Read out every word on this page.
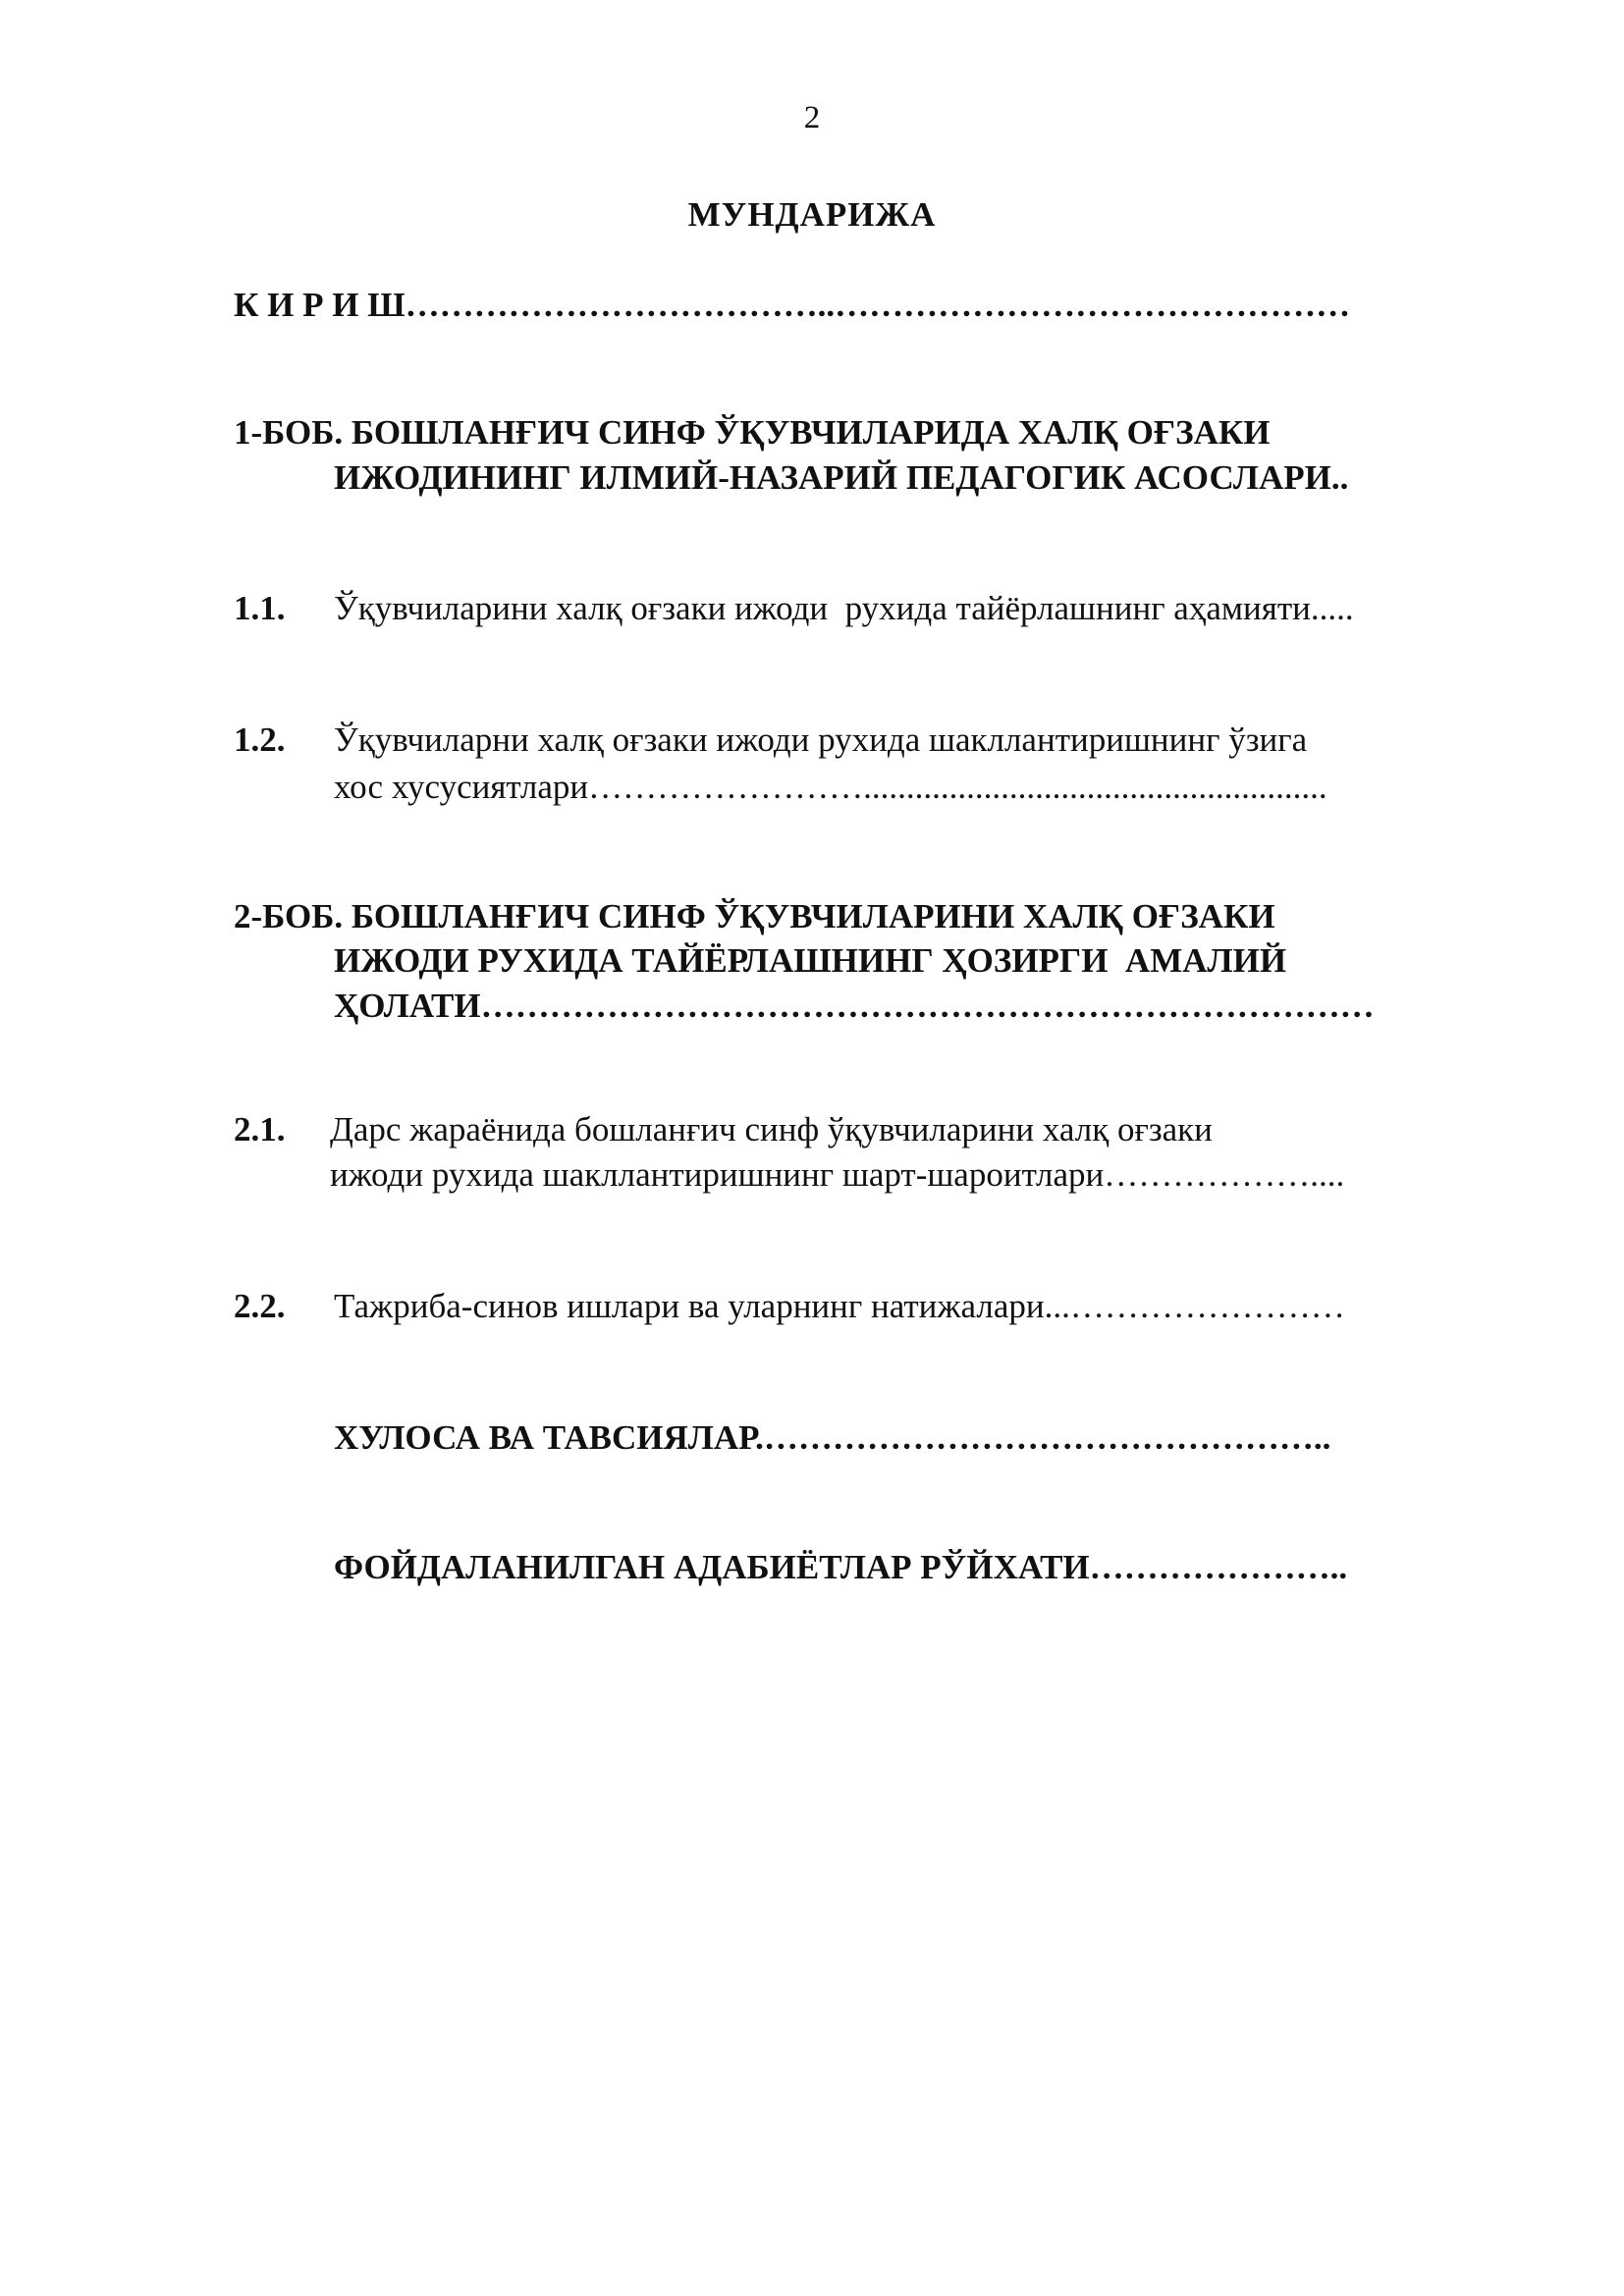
2
МУНДАРИЖА
К И Р И Ш………………………………..………………………………………
1-БОБ. БОШЛАНҒИЧ СИНФ ЎҚУВЧИЛАРИДА ХАЛҚ ОҒЗАКИ
ИЖОДИНИНГ ИЛМИЙ-НАЗАРИЙ ПЕДАГОГИК АСОСЛАРИ..
1.1. Ўқувчиларини халқ оғзаки ижоди  рухида тайёрлашнинг аҳамияти.....
1.2. Ўқувчиларни халқ оғзаки ижоди рухида шакллантиришнинг ўзига
хос хусусиятлари……………………......................................................
2-БОБ. БОШЛАНҒИЧ СИНФ ЎҚУВЧИЛАРИНИ ХАЛҚ ОҒЗАКИ
ИЖОДИ РУХИДА ТАЙЁРЛАШНИНГ ҲОЗИРГИ  АМАЛИЙ
ҲОЛАТИ……………………………………………………………………
2.1. Дарс жараёнида бошланғич синф ўқувчиларини халқ оғзаки
ижоди рухида шакллантиришнинг шарт-шароитлари………………....
2.2. Тажриба-синов ишлари ва уларнинг натижалари...……………………
ХУЛОСА ВА ТАВСИЯЛАР.…………………………………………..
ФОЙДАЛАНИЛГАН АДАБИЁТЛАР РЎЙХАТИ…………………..
